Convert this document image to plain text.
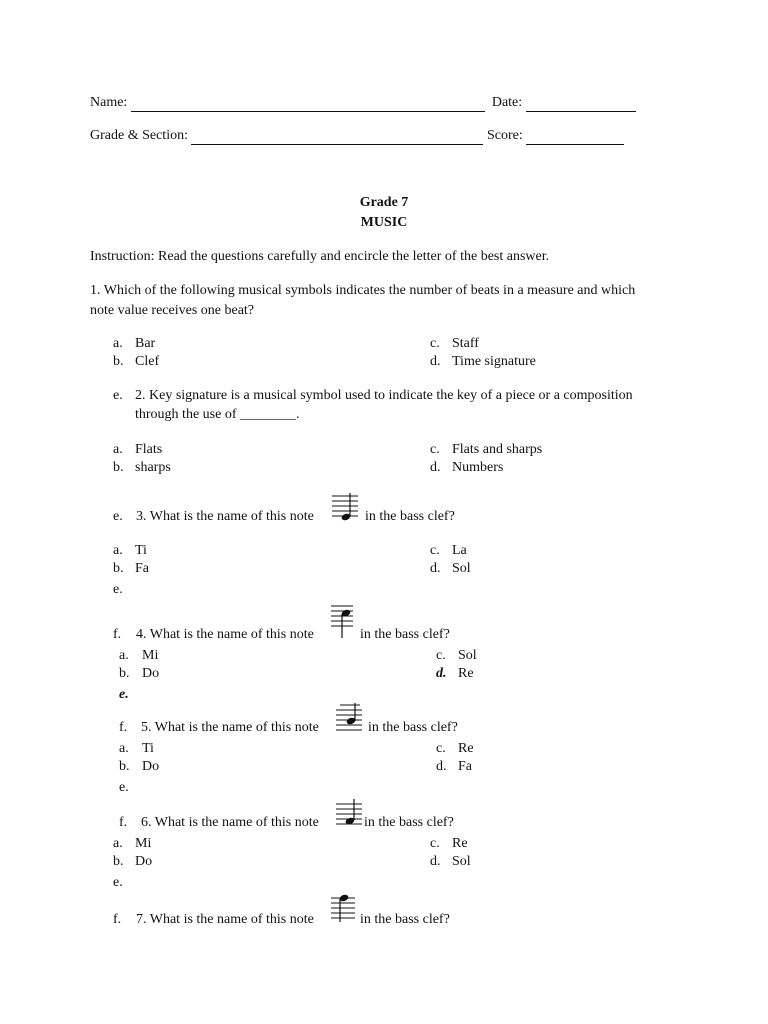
Name:	Date:
Grade & Section:	Score:
Grade 7
MUSIC
Instruction: Read the questions carefully and encircle the letter of the best answer.
1. Which of the following musical symbols indicates the number of beats in a measure and which
note value receives one beat?
a. Bar
b. Clef
c. Staff
d. Time signature
e. 2. Key signature is a musical symbol used to indicate the key of a piece or a composition
through the use of ________.
a. Flats
b. sharps
c. Flats and sharps
d. Numbers
e. 3. What is the name of this note	in the bass clef?
a. Ti
b. Fa
c. La
d. Sol
e.
f. 4. What is the name of this note	in the bass clef?
a. Mi
b. Do
c. Sol
d. Re
e.
f. 5. What is the name of this note	in the bass clef?
a. Ti
b. Do
c. Re
d. Fa
e.
f. 6. What is the name of this note	in the bass clef?
a. Mi
b. Do
c. Re
d. Sol
e.
f. 7. What is the name of this note	in the bass clef?
